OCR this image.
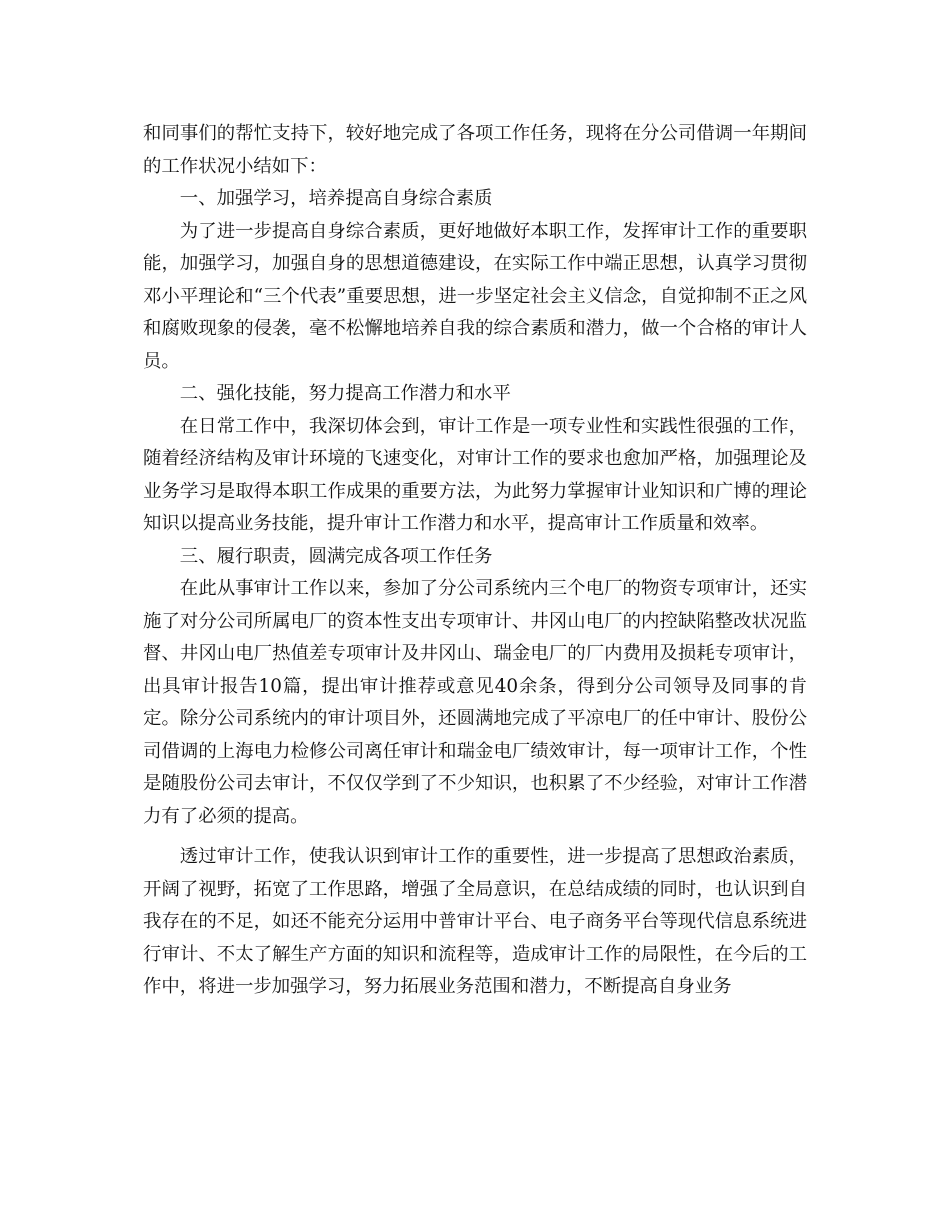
和同事们的帮忙支持下，较好地完成了各项工作任务，现将在分公司借调一年期间的工作状况小结如下：

一、加强学习，培养提高自身综合素质

为了进一步提高自身综合素质，更好地做好本职工作，发挥审计工作的重要职能，加强学习，加强自身的思想道德建设，在实际工作中端正思想，认真学习贯彻邓小平理论和“三个代表”重要思想，进一步坚定社会主义信念，自觉抑制不正之风和腐败现象的侵袭，毫不松懈地培养自我的综合素质和潜力，做一个合格的审计人员。

二、强化技能，努力提高工作潜力和水平

在日常工作中，我深切体会到，审计工作是一项专业性和实践性很强的工作，随着经济结构及审计环境的飞速变化，对审计工作的要求也愈加严格，加强理论及业务学习是取得本职工作成果的重要方法，为此努力掌握审计业知识和广博的理论知识以提高业务技能，提升审计工作潜力和水平，提高审计工作质量和效率。

三、履行职责，圆满完成各项工作任务

在此从事审计工作以来，参加了分公司系统内三个电厂的物资专项审计，还实施了对分公司所属电厂的资本性支出专项审计、井冈山电厂的内控缺陷整改状况监督、井冈山电厂热值差专项审计及井冈山、瑞金电厂的厂内费用及损耗专项审计，出具审计报告10篇，提出审计推荐或意见40余条，得到分公司领导及同事的肯定。除分公司系统内的审计项目外，还圆满地完成了平凉电厂的任中审计、股份公司借调的上海电力检修公司离任审计和瑞金电厂绩效审计，每一项审计工作，个性是随股份公司去审计，不仅仅学到了不少知识，也积累了不少经验，对审计工作潜力有了必须的提高。

透过审计工作，使我认识到审计工作的重要性，进一步提高了思想政治素质，开阔了视野，拓宽了工作思路，增强了全局意识，在总结成绩的同时，也认识到自我存在的不足，如还不能充分运用中普审计平台、电子商务平台等现代信息系统进行审计、不太了解生产方面的知识和流程等，造成审计工作的局限性，在今后的工作中，将进一步加强学习，努力拓展业务范围和潜力，不断提高自身业务
